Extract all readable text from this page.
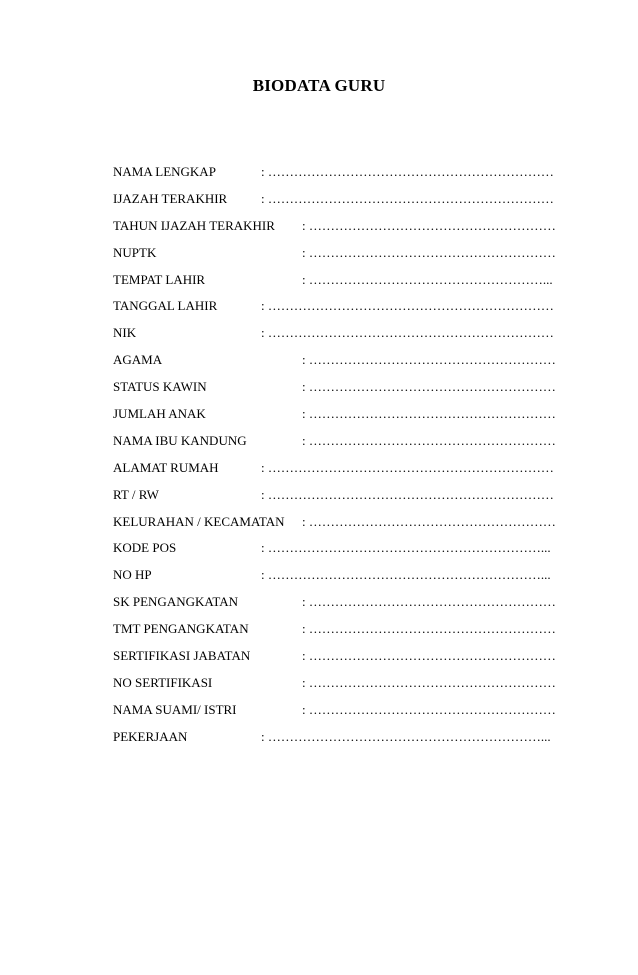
BIODATA GURU
NAMA LENGKAP	: …………………………………………………………
IJAZAH TERAKHIR	: …………………………………………………………
TAHUN IJAZAH TERAKHIR : …………………………………………………
NUPTK	: …………………………………………………
TEMPAT LAHIR	: ………………………………………………...
TANGGAL LAHIR	: …………………………………………………………
NIK	: …………………………………………………………
AGAMA	: …………………………………………………
STATUS KAWIN	: …………………………………………………
JUMLAH ANAK	: …………………………………………………
NAMA IBU KANDUNG	: …………………………………………………
ALAMAT RUMAH	: …………………………………………………………
RT / RW	: …………………………………………………………
KELURAHAN / KECAMATAN : …………………………………………………
KODE POS	: ………………………………………………………...
NO HP	: ………………………………………………………...
SK PENGANGKATAN	: …………………………………………………
TMT PENGANGKATAN	: …………………………………………………
SERTIFIKASI JABATAN	: …………………………………………………
NO SERTIFIKASI	: …………………………………………………
NAMA SUAMI/ ISTRI	: …………………………………………………
PEKERJAAN	: ………………………………………………………...
